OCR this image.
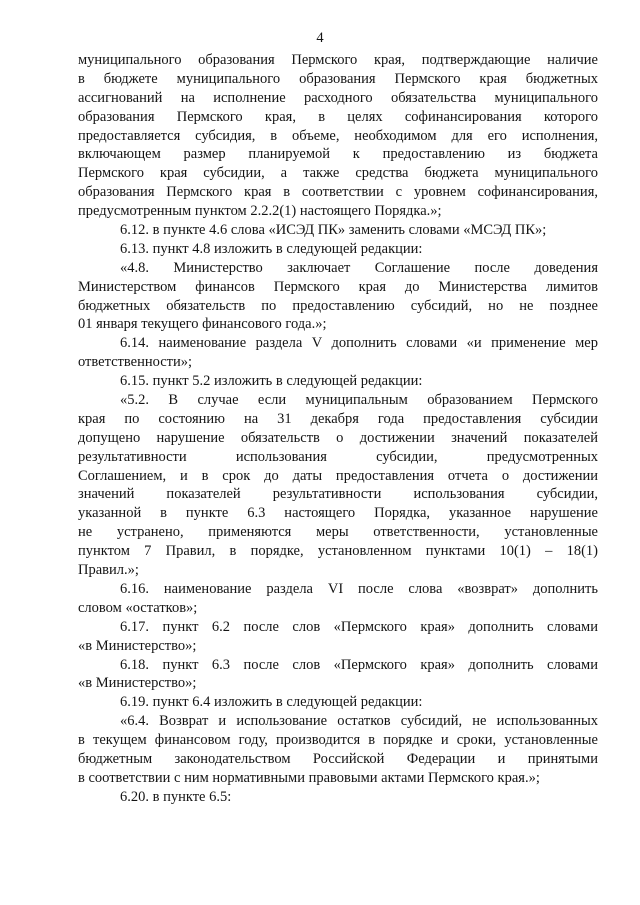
4
муниципального образования Пермского края, подтверждающие наличие
в бюджете муниципального образования Пермского края бюджетных
ассигнований на исполнение расходного обязательства муниципального
образования Пермского края, в целях софинансирования которого
предоставляется субсидия, в объеме, необходимом для его исполнения,
включающем размер планируемой к предоставлению из бюджета
Пермского края субсидии, а также средства бюджета муниципального
образования Пермского края в соответствии с уровнем софинансирования,
предусмотренным пунктом 2.2.2(1) настоящего Порядка.»;
6.12. в пункте 4.6 слова «ИСЭД ПК» заменить словами «МСЭД ПК»;
6.13. пункт 4.8 изложить в следующей редакции:
«4.8. Министерство заключает Соглашение после доведения
Министерством финансов Пермского края до Министерства лимитов
бюджетных обязательств по предоставлению субсидий, но не позднее
01 января текущего финансового года.»;
6.14. наименование раздела V дополнить словами «и применение мер
ответственности»;
6.15. пункт 5.2 изложить в следующей редакции:
«5.2. В случае если муниципальным образованием Пермского
края по состоянию на 31 декабря года предоставления субсидии
допущено нарушение обязательств о достижении значений показателей
результативности использования субсидии, предусмотренных
Соглашением, и в срок до даты предоставления отчета о достижении
значений показателей результативности использования субсидии,
указанной в пункте 6.3 настоящего Порядка, указанное нарушение
не устранено, применяются меры ответственности, установленные
пунктом 7 Правил, в порядке, установленном пунктами 10(1) – 18(1)
Правил.»;
6.16. наименование раздела VI после слова «возврат» дополнить
словом «остатков»;
6.17. пункт 6.2 после слов «Пермского края» дополнить словами
«в Министерство»;
6.18. пункт 6.3 после слов «Пермского края» дополнить словами
«в Министерство»;
6.19. пункт 6.4 изложить в следующей редакции:
«6.4. Возврат и использование остатков субсидий, не использованных
в текущем финансовом году, производится в порядке и сроки, установленные
бюджетным законодательством Российской Федерации и принятыми
в соответствии с ним нормативными правовыми актами Пермского края.»;
6.20. в пункте 6.5:
